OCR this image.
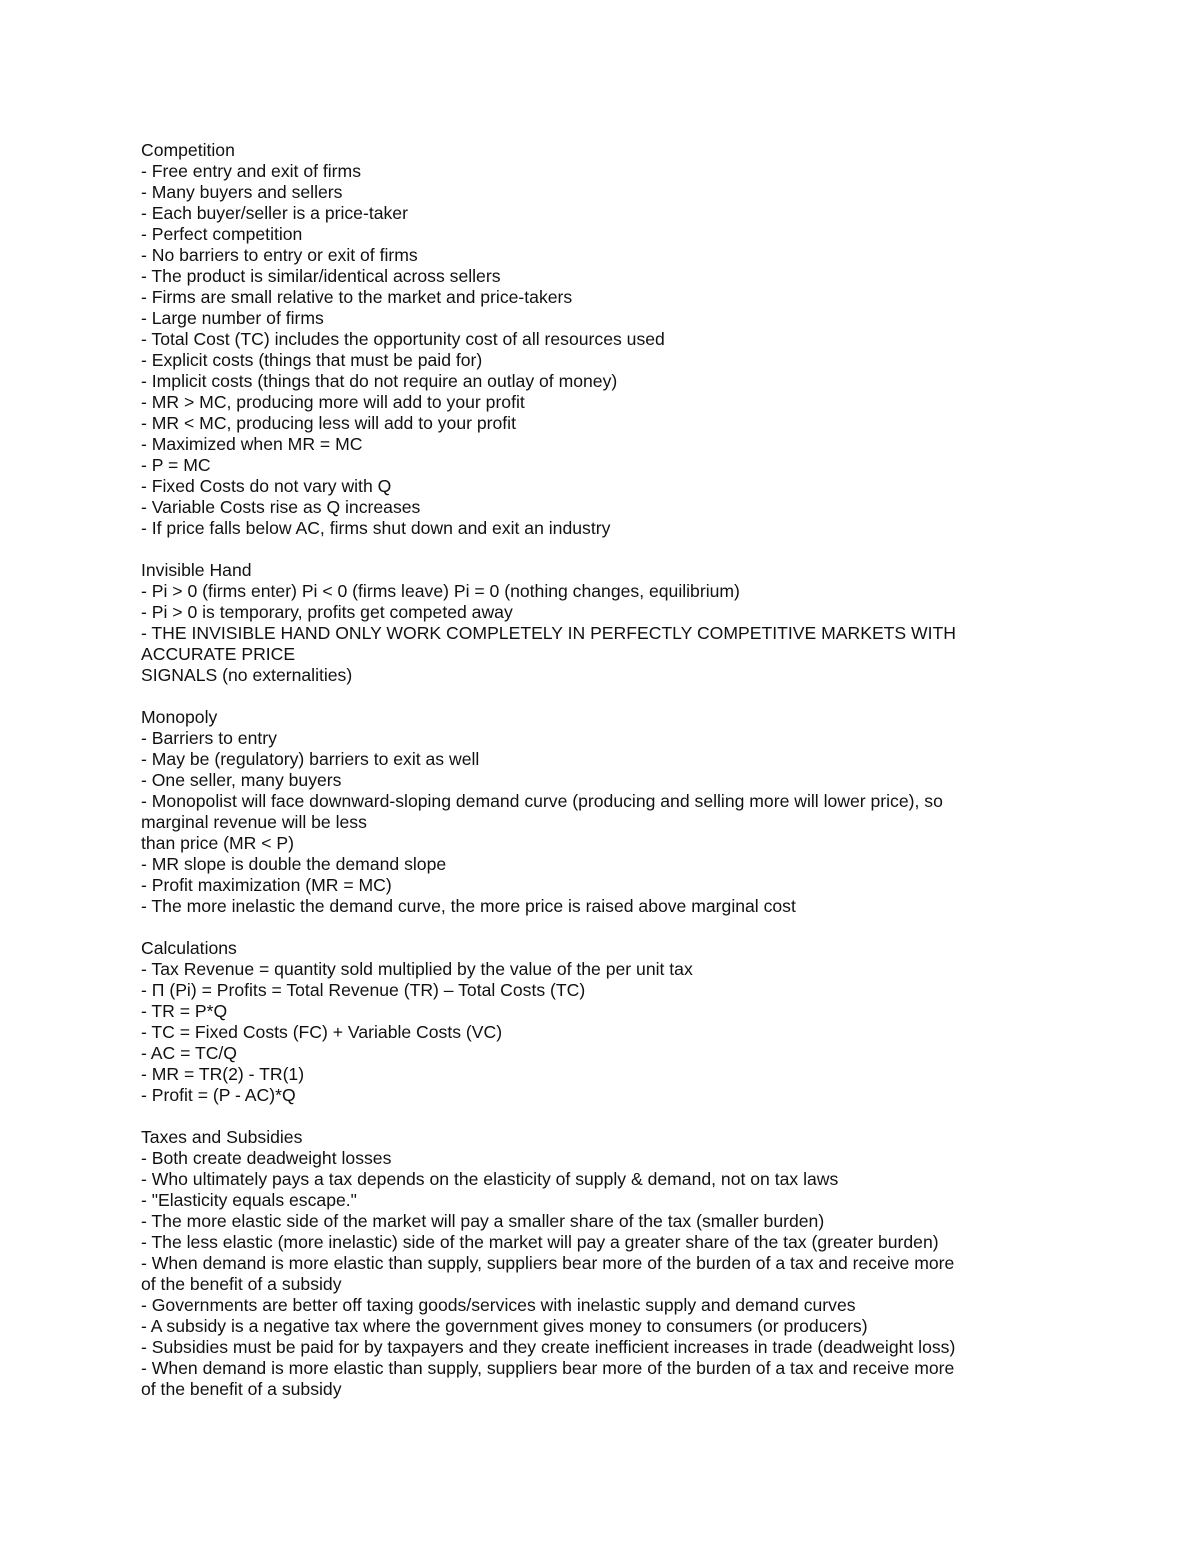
Competition
- Free entry and exit of firms
- Many buyers and sellers
- Each buyer/seller is a price-taker
- Perfect competition
- No barriers to entry or exit of firms
- The product is similar/identical across sellers
- Firms are small relative to the market and price-takers
- Large number of firms
- Total Cost (TC) includes the opportunity cost of all resources used
- Explicit costs (things that must be paid for)
- Implicit costs (things that do not require an outlay of money)
- MR > MC, producing more will add to your profit
- MR < MC, producing less will add to your profit
- Maximized when MR = MC
- P = MC
- Fixed Costs do not vary with Q
- Variable Costs rise as Q increases
- If price falls below AC, firms shut down and exit an industry
Invisible Hand
- Pi > 0 (firms enter) Pi < 0 (firms leave) Pi = 0 (nothing changes, equilibrium)
- Pi > 0 is temporary, profits get competed away
- THE INVISIBLE HAND ONLY WORK COMPLETELY IN PERFECTLY COMPETITIVE MARKETS WITH
ACCURATE PRICE
SIGNALS (no externalities)
Monopoly
- Barriers to entry
- May be (regulatory) barriers to exit as well
- One seller, many buyers
- Monopolist will face downward-sloping demand curve (producing and selling more will lower price), so
marginal revenue will be less
than price (MR < P)
- MR slope is double the demand slope
- Profit maximization (MR = MC)
- The more inelastic the demand curve, the more price is raised above marginal cost
Calculations
- Tax Revenue = quantity sold multiplied by the value of the per unit tax
- Π (Pi) = Profits = Total Revenue (TR) – Total Costs (TC)
- TR = P*Q
- TC = Fixed Costs (FC) + Variable Costs (VC)
- AC = TC/Q
- MR = TR(2) - TR(1)
- Profit = (P - AC)*Q
Taxes and Subsidies
- Both create deadweight losses
- Who ultimately pays a tax depends on the elasticity of supply & demand, not on tax laws
- "Elasticity equals escape."
- The more elastic side of the market will pay a smaller share of the tax (smaller burden)
- The less elastic (more inelastic) side of the market will pay a greater share of the tax (greater burden)
- When demand is more elastic than supply, suppliers bear more of the burden of a tax and receive more
of the benefit of a subsidy
- Governments are better off taxing goods/services with inelastic supply and demand curves
- A subsidy is a negative tax where the government gives money to consumers (or producers)
- Subsidies must be paid for by taxpayers and they create inefficient increases in trade (deadweight loss)
- When demand is more elastic than supply, suppliers bear more of the burden of a tax and receive more
of the benefit of a subsidy
